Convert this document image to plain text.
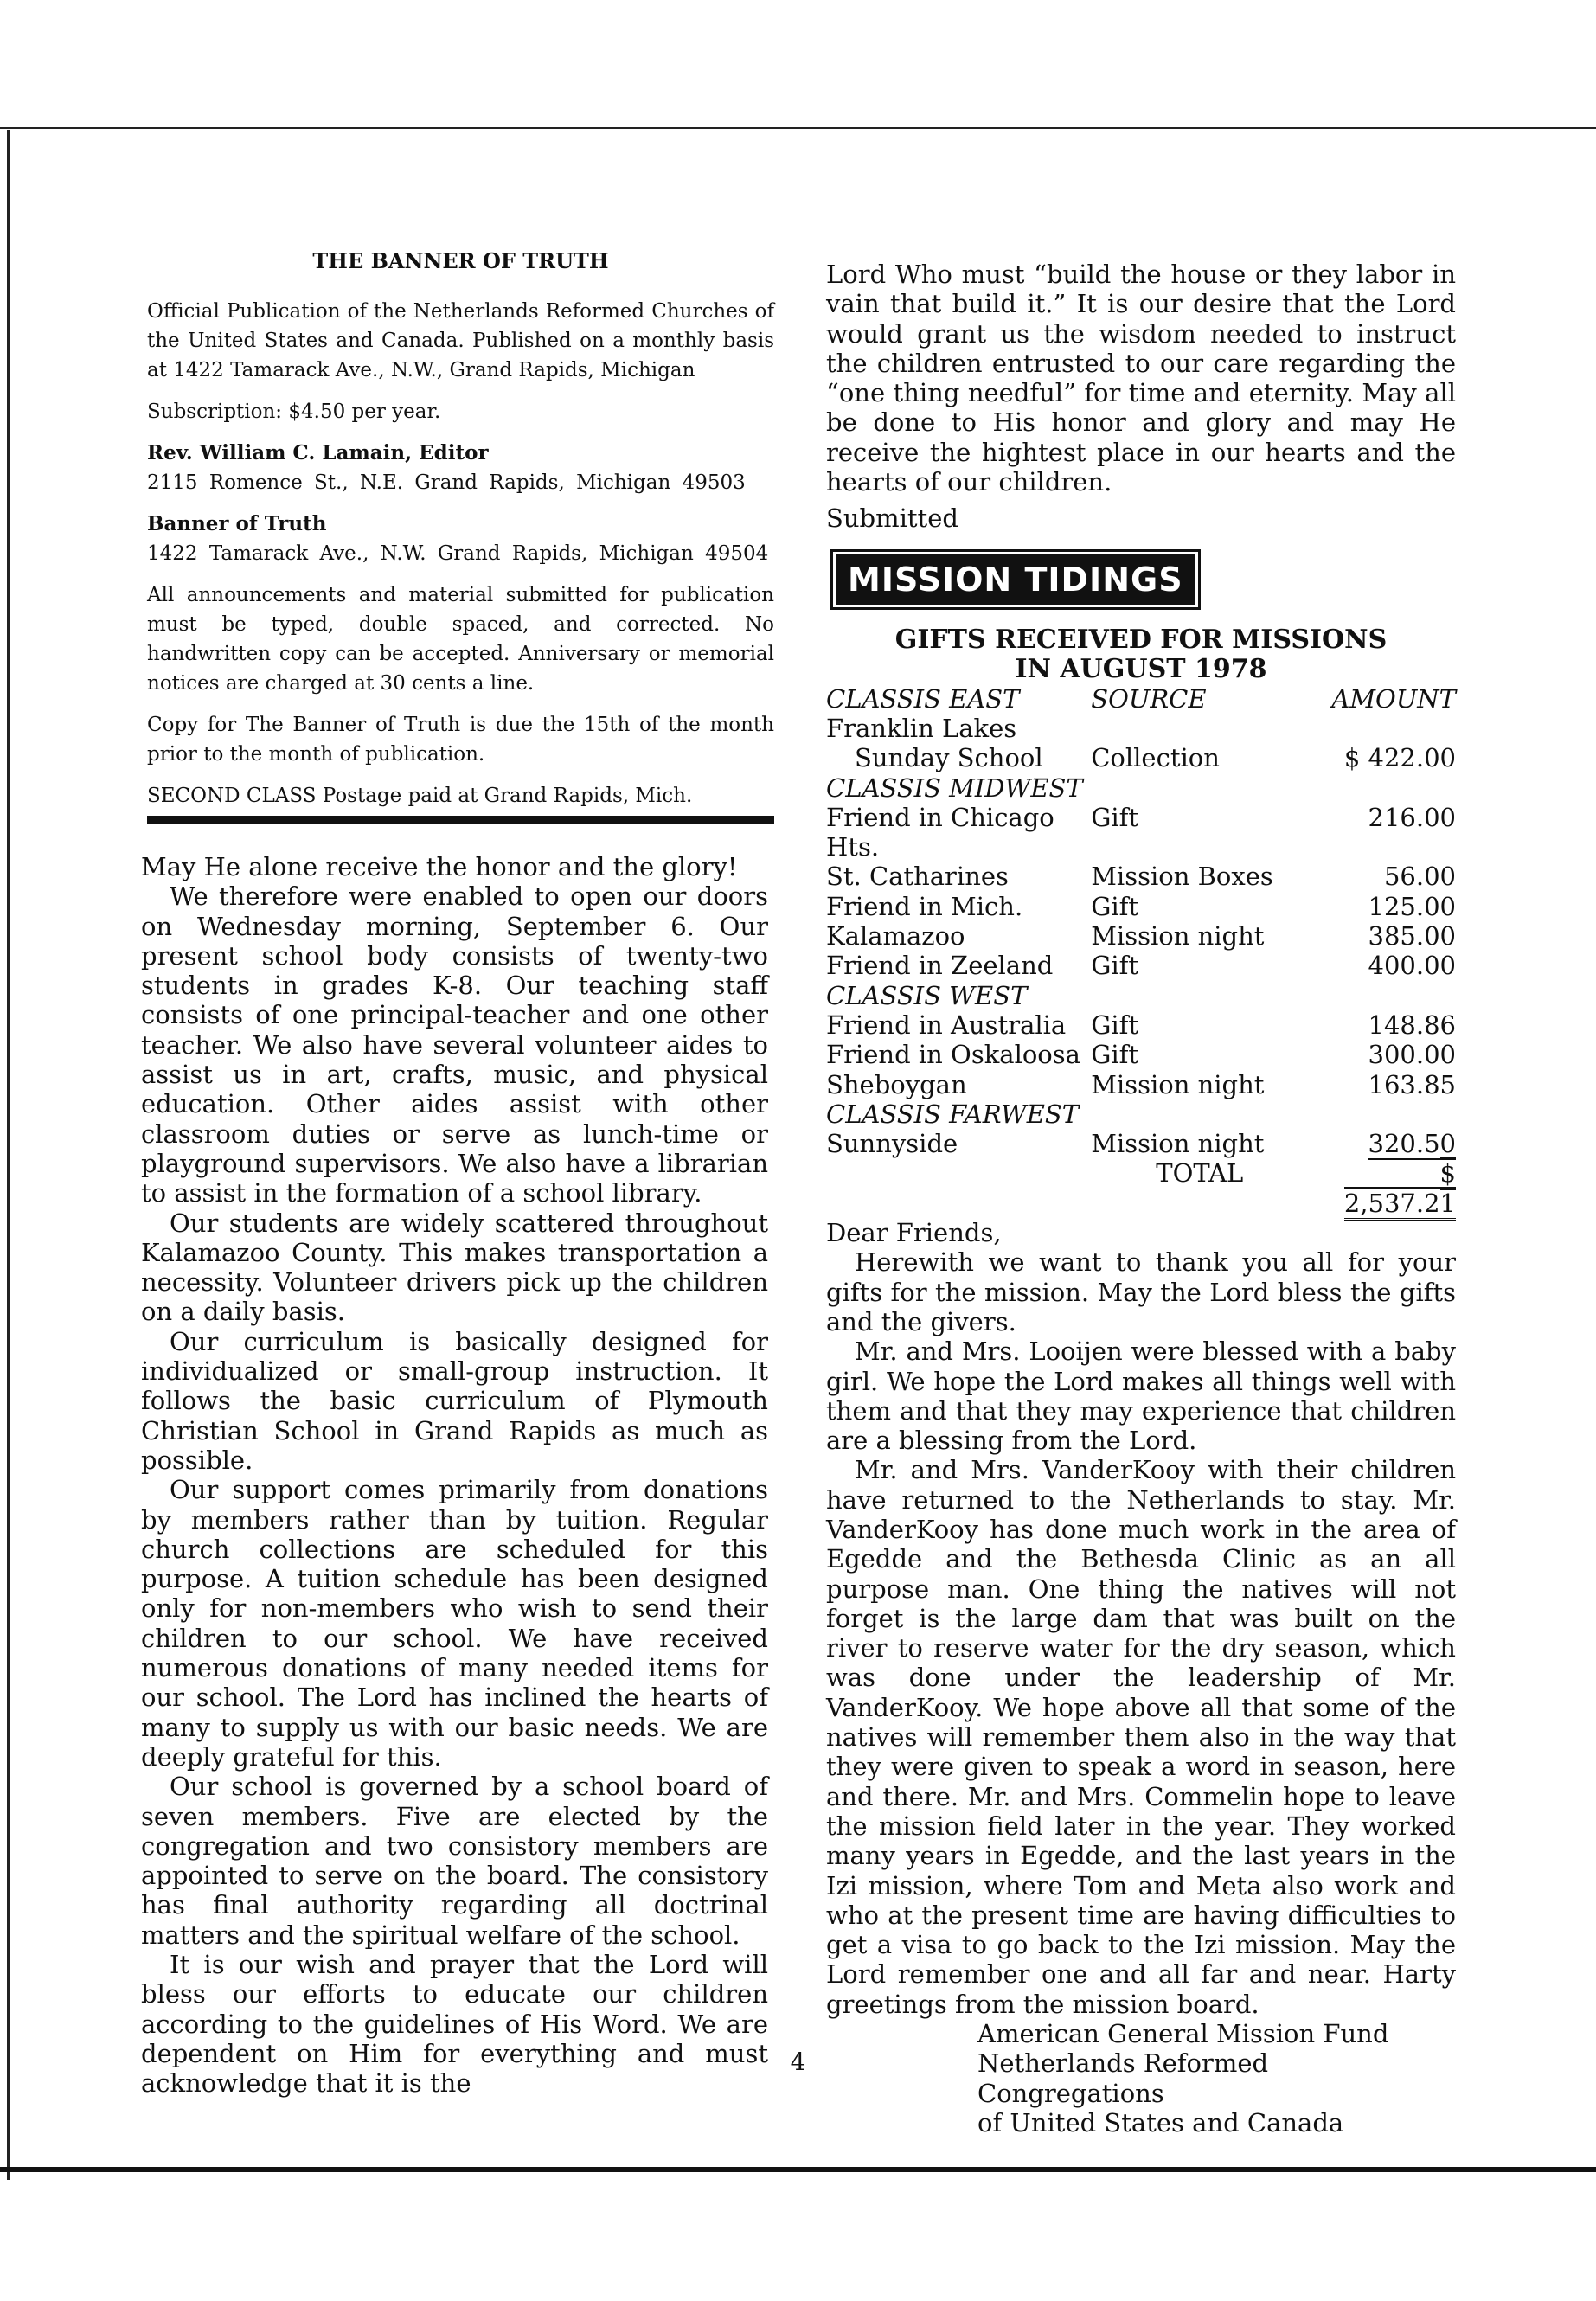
THE BANNER OF TRUTH

Official Publication of the Netherlands Reformed Churches of the United States and Canada. Published on a monthly basis at 1422 Tamarack Ave., N.W., Grand Rapids, Michigan

Subscription: $4.50 per year.

Rev. William C. Lamain, Editor

2115 Romence St., N.E. Grand Rapids, Michigan 49503

Banner of Truth

1422 Tamarack Ave., N.W. Grand Rapids, Michigan 49504

All announcements and material submitted for publication must be typed, double spaced, and corrected. No handwritten copy can be accepted. Anniversary or memorial notices are charged at 30 cents a line.

Copy for The Banner of Truth is due the 15th of the month prior to the month of publication.

SECOND CLASS Postage paid at Grand Rapids, Mich.

May He alone receive the honor and the glory!

We therefore were enabled to open our doors on Wednesday morning, September 6. Our present school body consists of twenty-two students in grades K-8. Our teaching staff consists of one principal-teacher and one other teacher. We also have several volunteer aides to assist us in art, crafts, music, and physical education. Other aides assist with other classroom duties or serve as lunch-time or playground supervisors. We also have a librarian to assist in the formation of a school library.

Our students are widely scattered throughout Kalamazoo County. This makes transportation a necessity. Volunteer drivers pick up the children on a daily basis.

Our curriculum is basically designed for individualized or small-group instruction. It follows the basic curriculum of Plymouth Christian School in Grand Rapids as much as possible.

Our support comes primarily from donations by members rather than by tuition. Regular church collections are scheduled for this purpose. A tuition schedule has been designed only for non-members who wish to send their children to our school. We have received numerous donations of many needed items for our school. The Lord has inclined the hearts of many to supply us with our basic needs. We are deeply grateful for this.

Our school is governed by a school board of seven members. Five are elected by the congregation and two consistory members are appointed to serve on the board. The consistory has final authority regarding all doctrinal matters and the spiritual welfare of the school.

It is our wish and prayer that the Lord will bless our efforts to educate our children according to the guidelines of His Word. We are dependent on Him for everything and must acknowledge that it is the

Lord Who must “build the house or they labor in vain that build it.” It is our desire that the Lord would grant us the wisdom needed to instruct the children entrusted to our care regarding the “one thing needful” for time and eternity. May all be done to His honor and glory and may He receive the hightest place in our hearts and the hearts of our children.

Submitted

MISSION TIDINGS
GIFTS RECEIVED FOR MISSIONS
IN AUGUST 1978
CLASSIS EAST	SOURCE	AMOUNT
Franklin Lakes		
Sunday School	Collection	$ 422.00
CLASSIS MIDWEST		
Friend in Chicago Hts.	Gift	216.00
St. Catharines	Mission Boxes	56.00
Friend in Mich.	Gift	125.00
Kalamazoo	Mission night	385.00
Friend in Zeeland	Gift	400.00
CLASSIS WEST		
Friend in Australia	Gift	148.86
Friend in Oskaloosa	Gift	300.00
Sheboygan	Mission night	163.85
CLASSIS FARWEST		
Sunnyside	Mission night	320.50
	TOTAL	$ 2,537.21

Dear Friends,

Herewith we want to thank you all for your gifts for the mission. May the Lord bless the gifts and the givers.

Mr. and Mrs. Looijen were blessed with a baby girl. We hope the Lord makes all things well with them and that they may experience that children are a blessing from the Lord.

Mr. and Mrs. VanderKooy with their children have returned to the Netherlands to stay. Mr. VanderKooy has done much work in the area of Egedde and the Bethesda Clinic as an all purpose man. One thing the natives will not forget is the large dam that was built on the river to reserve water for the dry season, which was done under the leadership of Mr. VanderKooy. We hope above all that some of the natives will remember them also in the way that they were given to speak a word in season, here and there. Mr. and Mrs. Commelin hope to leave the mission field later in the year. They worked many years in Egedde, and the last years in the Izi mission, where Tom and Meta also work and who at the present time are having difficulties to get a visa to go back to the Izi mission. May the Lord remember one and all far and near. Harty greetings from the mission board.

American General Mission Fund
Netherlands Reformed Congregations
of United States and Canada
4
